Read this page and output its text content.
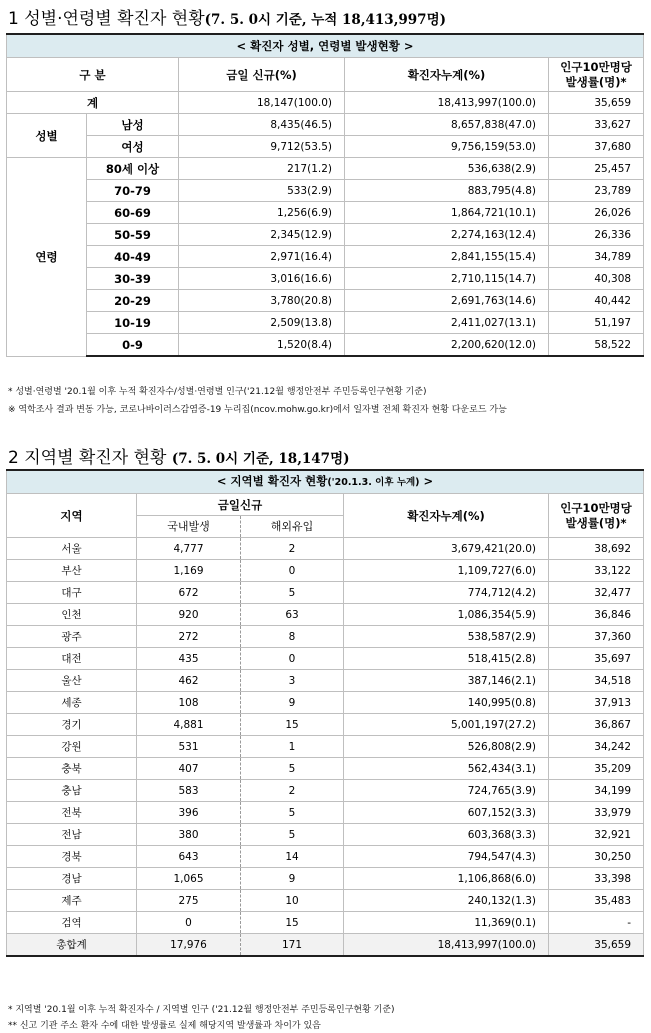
1 성별·연령별 확진자 현황(7. 5. 0시 기준, 누적 18,413,997명)
< 확진자 성별, 연령별 발생현황 >				
구 분		금일 신규(%)	확진자누계(%)	인구10만명당
발생률(명)*
계		18,147(100.0)	18,413,997(100.0)	35,659
성별	남성	8,435(46.5)	8,657,838(47.0)	33,627
	여성	9,712(53.5)	9,756,159(53.0)	37,680
연령	80세 이상	217(1.2)	536,638(2.9)	25,457
	70-79	533(2.9)	883,795(4.8)	23,789
	60-69	1,256(6.9)	1,864,721(10.1)	26,026
	50-59	2,345(12.9)	2,274,163(12.4)	26,336
	40-49	2,971(16.4)	2,841,155(15.4)	34,789
	30-39	3,016(16.6)	2,710,115(14.7)	40,308
	20-29	3,780(20.8)	2,691,763(14.6)	40,442
	10-19	2,509(13.8)	2,411,027(13.1)	51,197
	0-9	1,520(8.4)	2,200,620(12.0)	58,522
* 성별·연령별 '20.1월 이후 누적 확진자수/성별·연령별 인구('21.12월 행정안전부 주민등록인구현황 기준)
※ 역학조사 결과 변동 가능, 코로나바이러스감염증-19 누리집(ncov.mohw.go.kr)에서 일자별 전체 확진자 현황 다운로드 가능
2 지역별 확진자 현황 (7. 5. 0시 기준, 18,147명)
< 지역별 확진자 현황('20.1.3. 이후 누계) >				
지역	금일신규		확진자누계(%)	인구10만명당
발생률(명)*
	국내발생	해외유입		
서울	4,777	2	3,679,421(20.0)	38,692
부산	1,169	0	1,109,727(6.0)	33,122
대구	672	5	774,712(4.2)	32,477
인천	920	63	1,086,354(5.9)	36,846
광주	272	8	538,587(2.9)	37,360
대전	435	0	518,415(2.8)	35,697
울산	462	3	387,146(2.1)	34,518
세종	108	9	140,995(0.8)	37,913
경기	4,881	15	5,001,197(27.2)	36,867
강원	531	1	526,808(2.9)	34,242
충북	407	5	562,434(3.1)	35,209
충남	583	2	724,765(3.9)	34,199
전북	396	5	607,152(3.3)	33,979
전남	380	5	603,368(3.3)	32,921
경북	643	14	794,547(4.3)	30,250
경남	1,065	9	1,106,868(6.0)	33,398
제주	275	10	240,132(1.3)	35,483
검역	0	15	11,369(0.1)	-
총합계	17,976	171	18,413,997(100.0)	35,659
* 지역별 '20.1월 이후 누적 확진자수 / 지역별 인구 ('21.12월 행정안전부 주민등록인구현황 기준)
** 신고 기관 주소 환자 수에 대한 발생률로 실제 해당지역 발생률과 차이가 있음
